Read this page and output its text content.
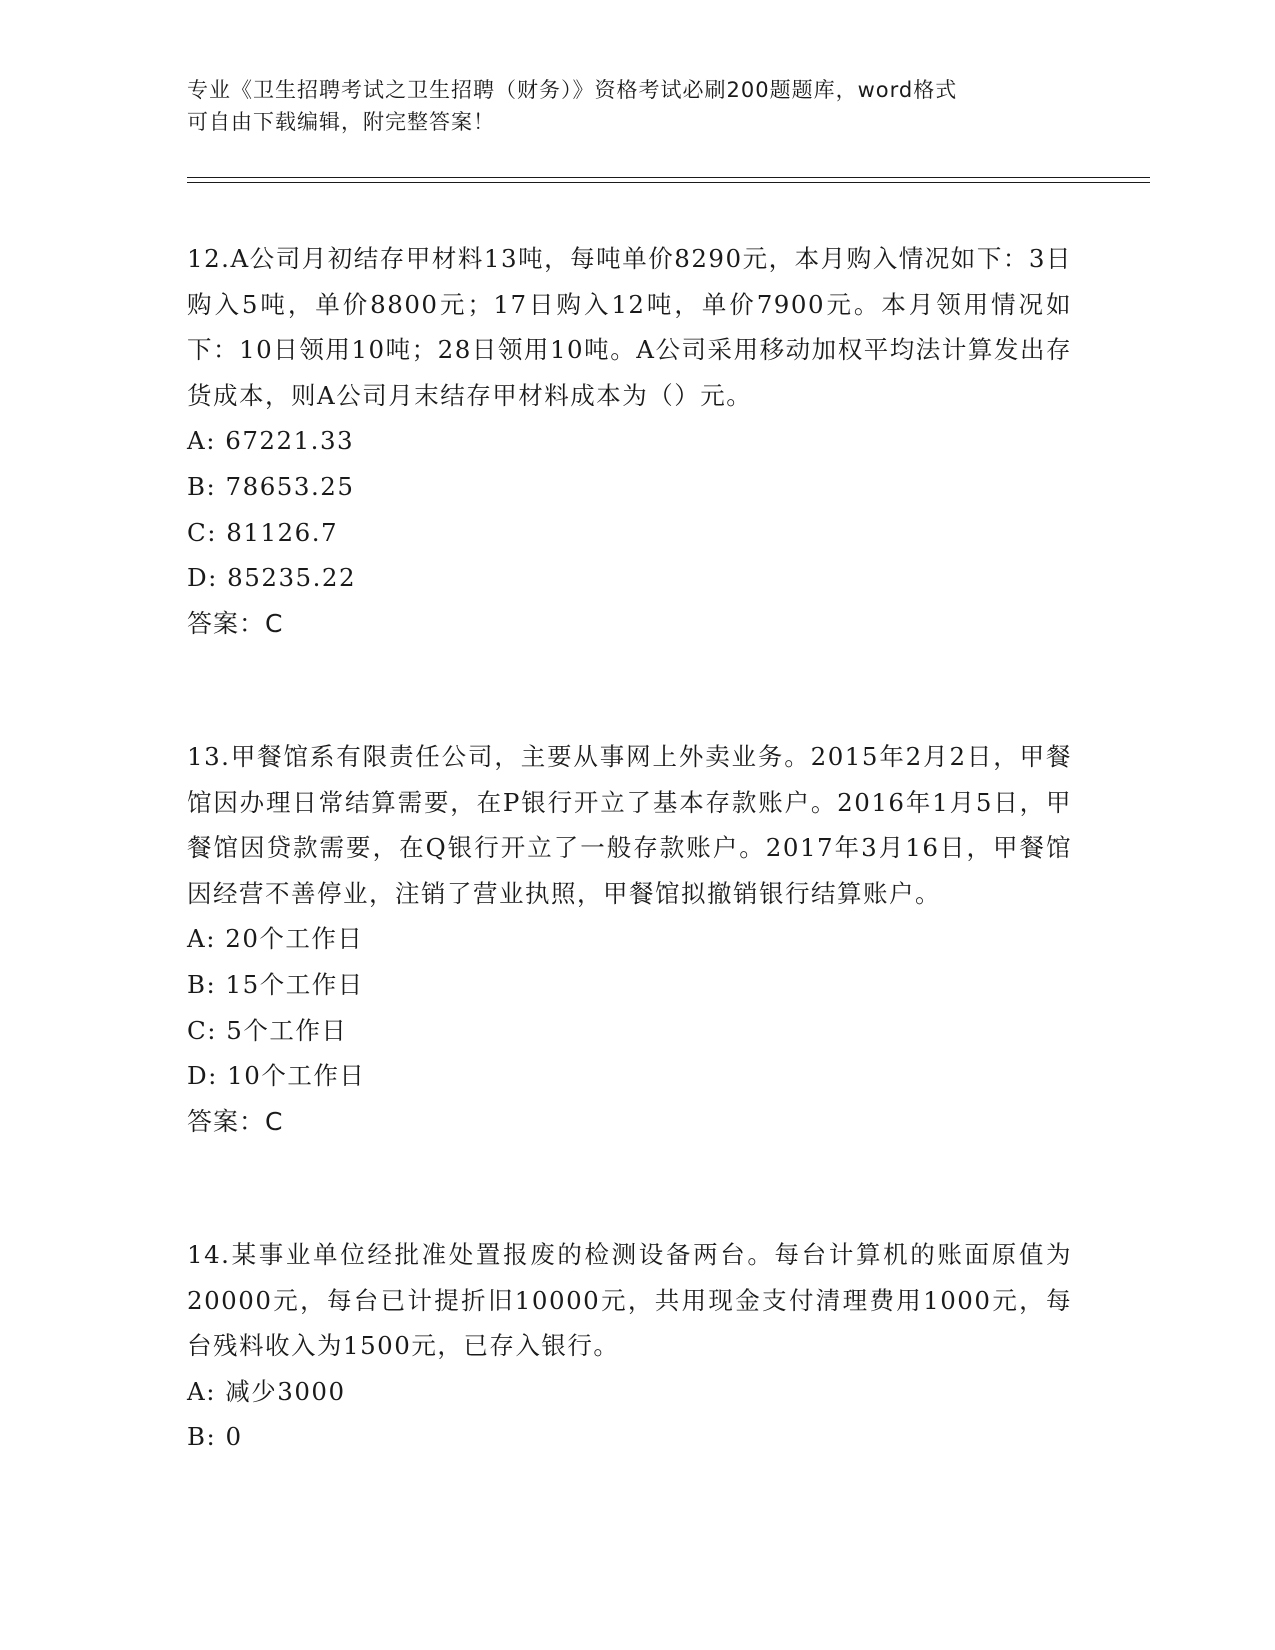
专业《卫生招聘考试之卫生招聘（财务）》资格考试必刷200题题库，word格式
可自由下载编辑，附完整答案！

12.A公司月初结存甲材料13吨，每吨单价8290元，本月购入情况如下：3日购入5吨，单价8800元；17日购入12吨，单价7900元。本月领用情况如下：10日领用10吨；28日领用10吨。A公司采用移动加权平均法计算发出存货成本，则A公司月末结存甲材料成本为（）元。

A: 67221.33

B: 78653.25

C: 81126.7

D: 85235.22

答案：C

13.甲餐馆系有限责任公司，主要从事网上外卖业务。2015年2月2日，甲餐馆因办理日常结算需要，在P银行开立了基本存款账户。2016年1月5日，甲餐馆因贷款需要，在Q银行开立了一般存款账户。2017年3月16日，甲餐馆因经营不善停业，注销了营业执照，甲餐馆拟撤销银行结算账户。

A: 20个工作日

B: 15个工作日

C: 5个工作日

D: 10个工作日

答案：C

14.某事业单位经批准处置报废的检测设备两台。每台计算机的账面原值为20000元，每台已计提折旧10000元，共用现金支付清理费用1000元，每台残料收入为1500元，已存入银行。

A: 减少3000

B: 0
